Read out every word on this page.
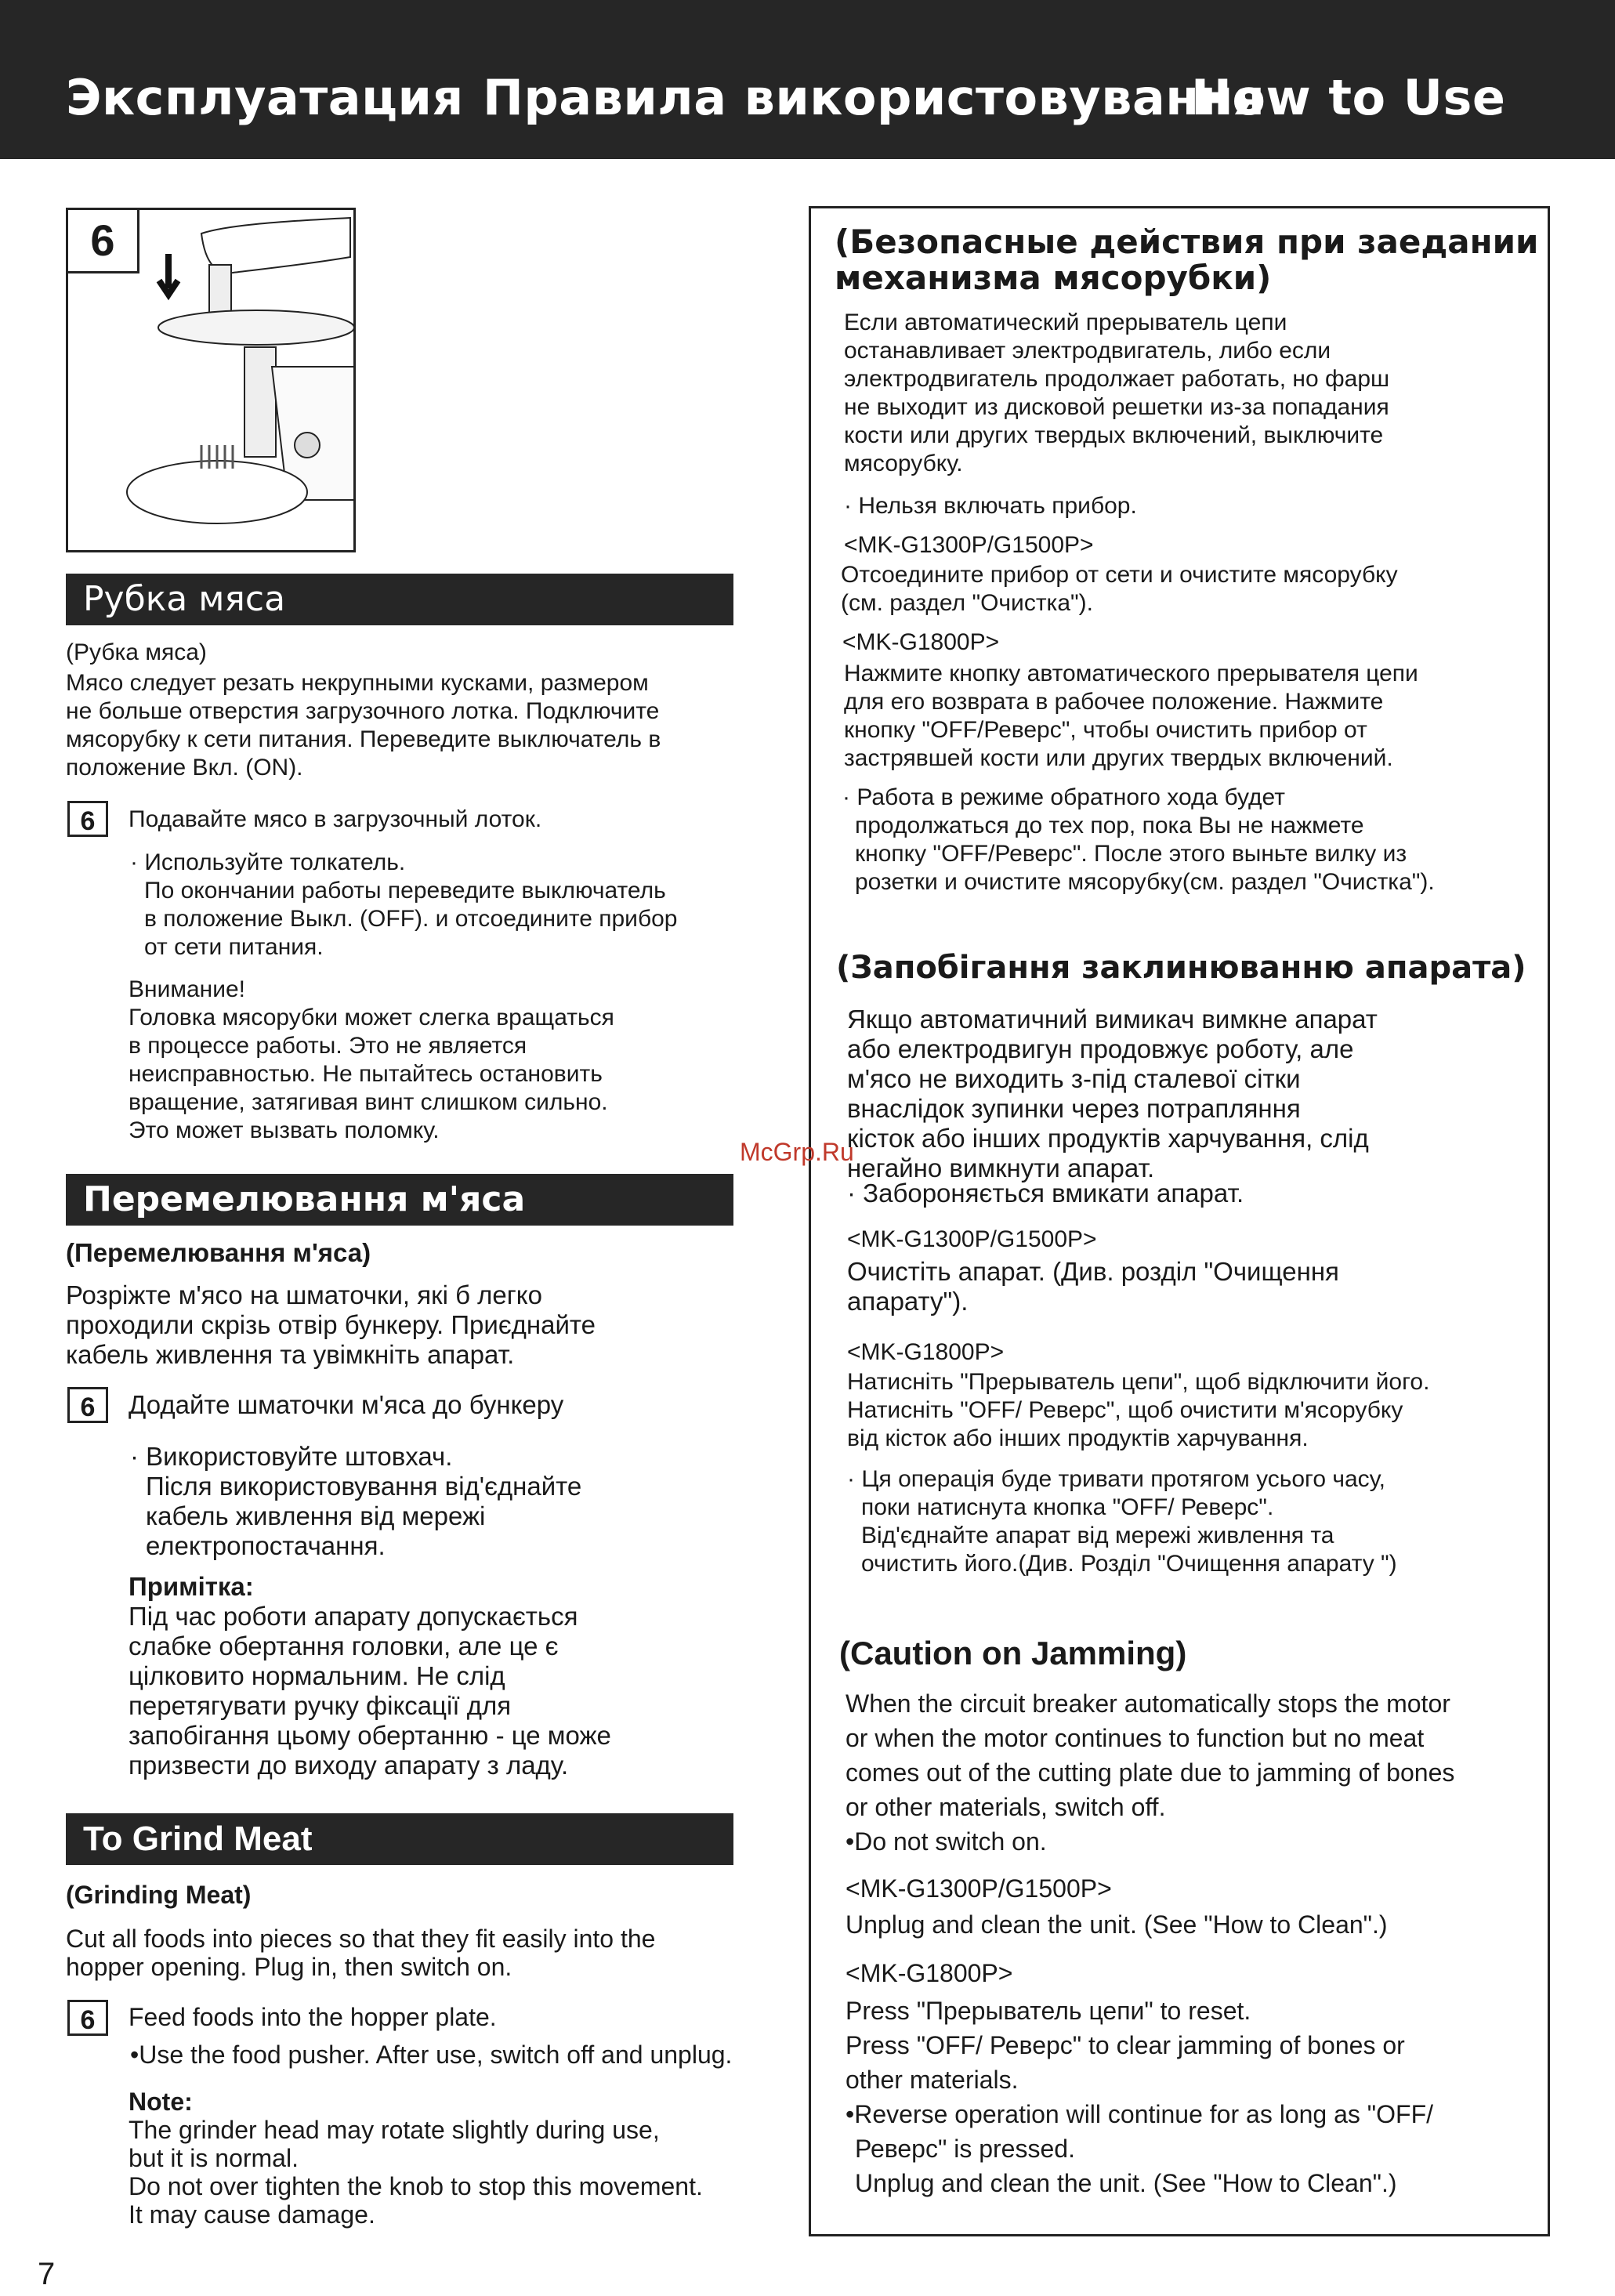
Эксплуатация Правила використовування
How to Use
6
Рубка мяса
(Рубка мяса)

Мясо следует резать некрупными кусками, размером

не больше отверстия загрузочного лотка. Подключите

мясорубку к сети питания. Переведите выключатель в

положение Вкл. (ON).

6	Подавайте мясо в загрузочный лоток.

· Используйте толкатель.

По окончании работы переведите выключатель

в положение Выкл. (OFF). и отсоедините прибор

от сети питания.

Внимание!

Головка мясорубки может слегка вращаться

в процессе работы. Это не является

неисправностью. Не пытайтесь остановить

вращение, затягивая винт слишком сильно.

Это может вызвать поломку.

Перемелювання м'яса
(Перемелювання м'яса)

Розріжте м'ясо на шматочки, які б легко

проходили скрізь отвір бункеру. Приєднайте

кабель живлення та увімкніть апарат.

6	Додайте шматочки м'яса до бункеру

· Використовуйте штовхач.

Після використовування від'єднайте

кабель живлення від мережі

електропостачання.

Примітка:

Під час роботи апарату допускається

слабке обертання головки, але це є

цілковито нормальним. Не слід

перетягувати ручку фіксації для

запобігання цьому обертанню - це може

призвести до виходу апарату з ладу.

To Grind Meat
(Grinding Meat)

Cut all foods into pieces so that they fit easily into the

hopper opening. Plug in, then switch on.

6	Feed foods into the hopper plate.
•Use the food pusher. After use, switch off and unplug.

Note:

The grinder head may rotate slightly during use,

but it is normal.

Do not over tighten the knob to stop this movement.

It may cause damage.

7

(Безопасные действия при заедании

механизма мясорубки)

Если автоматический прерыватель цепи

останавливает электродвигатель, либо если

электродвигатель продолжает работать, но фарш

не выходит из дисковой решетки из-за попадания

кости или других твердых включений, выключите

мясорубку.

· Нельзя включать прибор.
<MK-G1300P/G1500P>

Отсоедините прибор от сети и очистите мясорубку

(см. раздел "Очистка").

<MK-G1800P>

Нажмите кнопку автоматического прерывателя цепи

для его возврата в рабочее положение. Нажмите

кнопку "OFF/Реверс", чтобы очистить прибор от

застрявшей кости или других твердых включений.

· Работа в режиме обратного хода будет

продолжаться до тех пор, пока Вы не нажмете

кнопку "OFF/Реверс". После этого выньте вилку из

розетки и очистите мясорубку(см. раздел "Очистка").

(Запобігання заклинюванню апарата)

Якщо автоматичний вимикач вимкне апарат

або електродвигун продовжує роботу, але

м'ясо не виходить з-під сталевої сітки

внаслідок зупинки через потрапляння

кісток або інших продуктів харчування, слід

негайно вимкнути апарат.

· Забороняється вмикати апарат.
<MK-G1300P/G1500P>

Очистіть апарат. (Див. розділ "Очищення

апарату").

<MK-G1800P>

Натисніть "Прерыватель цепи", щоб відключити його.

Натисніть "OFF/ Реверс", щоб очистити м'ясорубку

від кісток або інших продуктів харчування.

· Ця операція буде тривати протягом усього часу,

поки натиснута кнопка "OFF/ Реверс".

Від'єднайте апарат від мережі живлення та

очистить його.(Див. Розділ "Очищення апарату ")

(Caution on Jamming)

When the circuit breaker automatically stops the motor

or when the motor continues to function but no meat

comes out of the cutting plate due to jamming of bones

or other materials, switch off.

•Do not switch on.

<MK-G1300P/G1500P>
Unplug and clean the unit. (See "How to Clean".)
<MK-G1800P>

Press "Прерыватель цепи" to reset.

Press "OFF/ Реверс" to clear jamming of bones or

other materials.

•Reverse operation will continue for as long as "OFF/

Реверс" is pressed.

Unplug and clean the unit. (See "How to Clean".)

McGrp.Ru
